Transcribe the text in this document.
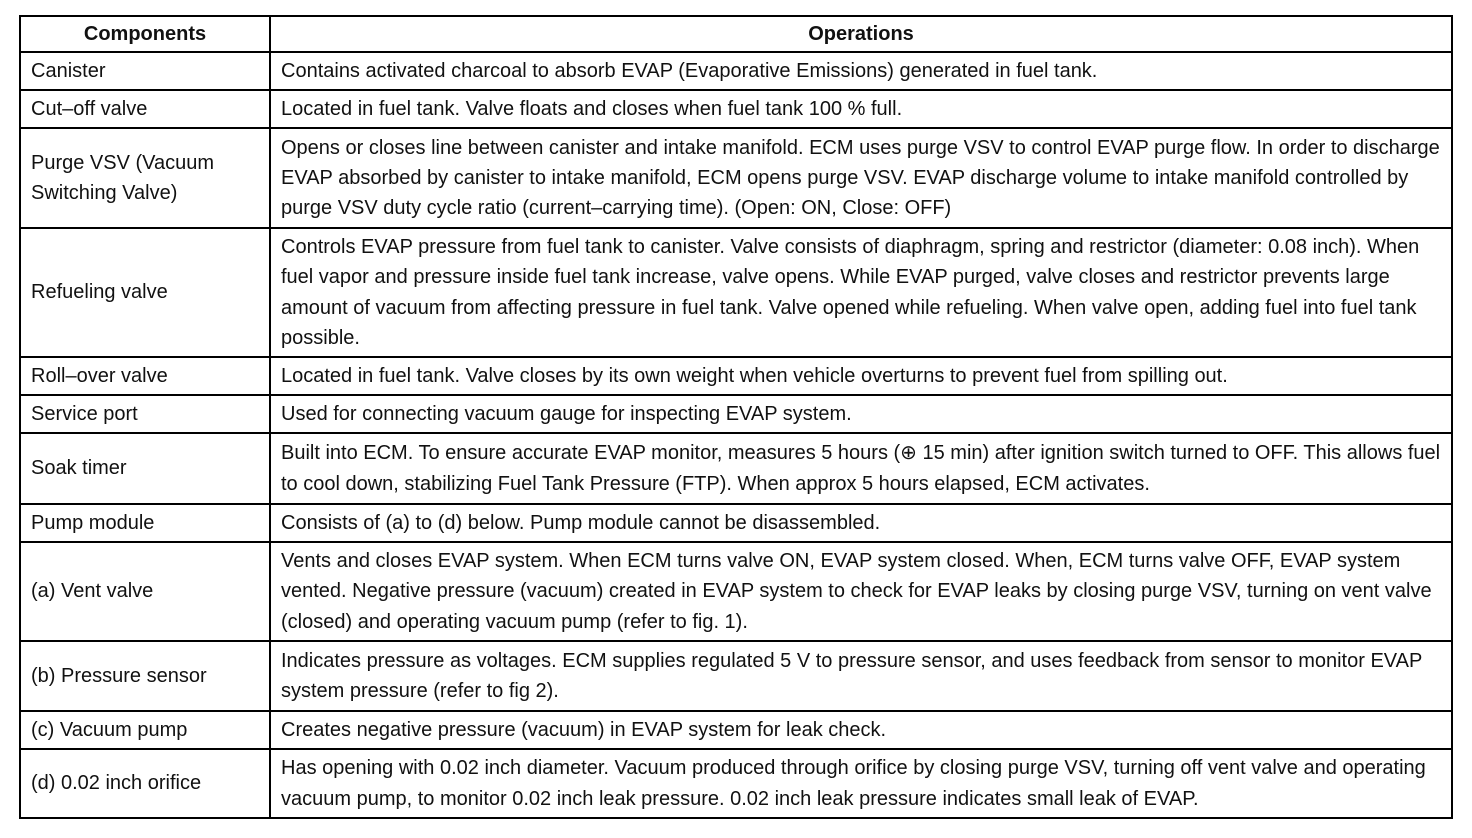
Components	Operations
Canister	Contains activated charcoal to absorb EVAP (Evaporative Emissions) generated in fuel tank.
Cut–off valve	Located in fuel tank. Valve floats and closes when fuel tank 100 % full.
Purge VSV (Vacuum Switching Valve)	Opens or closes line between canister and intake manifold. ECM uses purge VSV to control EVAP purge flow. In order to discharge EVAP absorbed by canister to intake manifold, ECM opens purge VSV. EVAP discharge volume to intake manifold controlled by purge VSV duty cycle ratio (current–carrying time). (Open: ON, Close: OFF)
Refueling valve	Controls EVAP pressure from fuel tank to canister. Valve consists of diaphragm, spring and restrictor (diameter: 0.08 inch). When fuel vapor and pressure inside fuel tank increase, valve opens. While EVAP purged, valve closes and restrictor prevents large amount of vacuum from affecting pressure in fuel tank. Valve opened while refueling. When valve open, adding fuel into fuel tank possible.
Roll–over valve	Located in fuel tank. Valve closes by its own weight when vehicle overturns to prevent fuel from spilling out.
Service port	Used for connecting vacuum gauge for inspecting EVAP system.
Soak timer	Built into ECM. To ensure accurate EVAP monitor, measures 5 hours (⊕ 15 min) after ignition switch turned to OFF. This allows fuel to cool down, stabilizing Fuel Tank Pressure (FTP). When approx 5 hours elapsed, ECM activates.
Pump module	Consists of (a) to (d) below. Pump module cannot be disassembled.
(a) Vent valve	Vents and closes EVAP system. When ECM turns valve ON, EVAP system closed. When, ECM turns valve OFF, EVAP system vented. Negative pressure (vacuum) created in EVAP system to check for EVAP leaks by closing purge VSV, turning on vent valve (closed) and operating vacuum pump (refer to fig. 1).
(b) Pressure sensor	Indicates pressure as voltages. ECM supplies regulated 5 V to pressure sensor, and uses feedback from sensor to monitor EVAP system pressure (refer to fig 2).
(c) Vacuum pump	Creates negative pressure (vacuum) in EVAP system for leak check.
(d) 0.02 inch orifice	Has opening with 0.02 inch diameter. Vacuum produced through orifice by closing purge VSV, turning off vent valve and operating vacuum pump, to monitor 0.02 inch leak pressure. 0.02 inch leak pressure indicates small leak of EVAP.
